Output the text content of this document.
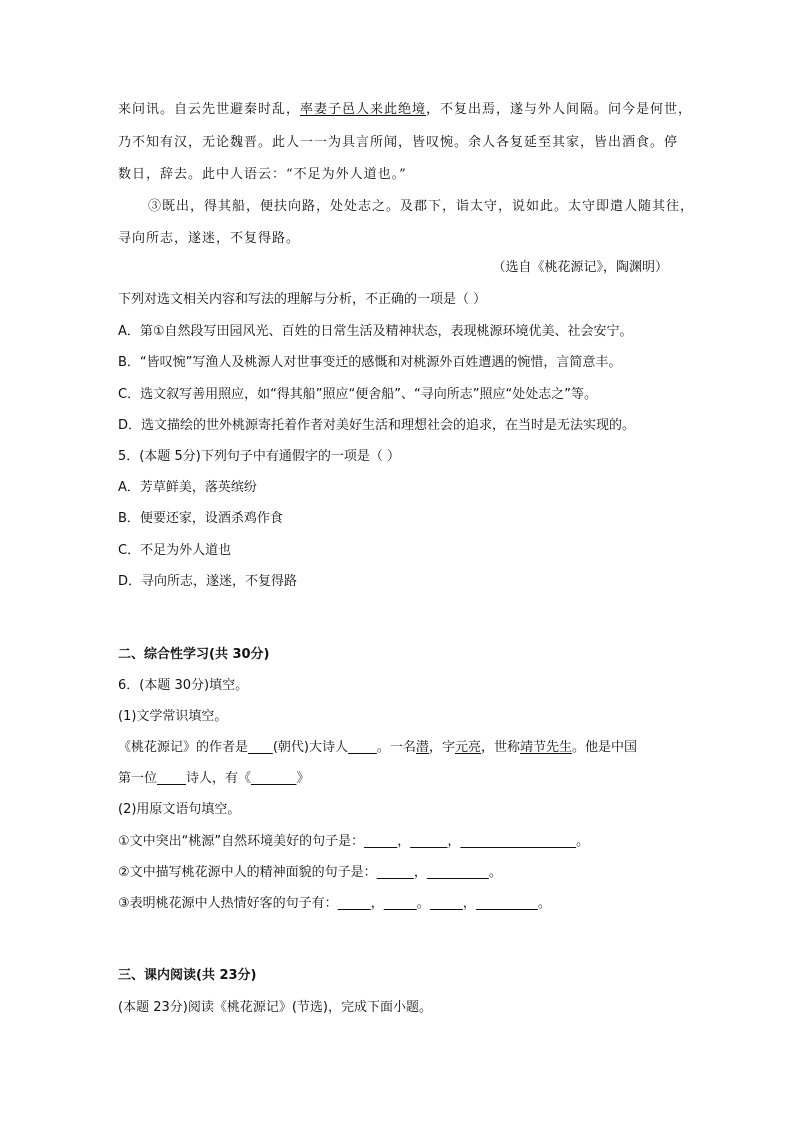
来问讯。自云先世避秦时乱，率妻子邑人来此绝境，不复出焉，遂与外人间隔。问今是何世，
乃不知有汉，无论魏晋。此人一一为具言所闻，皆叹惋。余人各复延至其家，皆出酒食。停
数日，辞去。此中人语云：“不足为外人道也。”
③既出，得其船，便扶向路，处处志之。及郡下，诣太守，说如此。太守即遣人随其往，
寻向所志，遂迷，不复得路。
（选自《桃花源记》，陶渊明）
下列对选文相关内容和写法的理解与分析，不正确的一项是（ ）
A．第①自然段写田园风光、百姓的日常生活及精神状态，表现桃源环境优美、社会安宁。
B．“皆叹惋”写渔人及桃源人对世事变迁的感慨和对桃源外百姓遭遇的惋惜，言简意丰。
C．选文叙写善用照应，如“得其船”照应“便舍船”、“寻向所志”照应“处处志之”等。
D．选文描绘的世外桃源寄托着作者对美好生活和理想社会的追求，在当时是无法实现的。
5．(本题 5分)下列句子中有通假字的一项是（ ）
A．芳草鲜美，落英缤纷
B．便要还家，设酒杀鸡作食
C．不足为外人道也
D．寻向所志，遂迷，不复得路
二、综合性学习(共 30分)
6．(本题 30分)填空。
(1)文学常识填空。
《桃花源记》的作者是 (朝代)大诗人 。一名潜，字元亮，世称靖节先生。他是中国
第一位 诗人，有《	》
(2)用原文语句填空。
①文中突出“桃源”自然环境美好的句子是：	，	，	。
②文中描写桃花源中人的精神面貌的句子是：	，	。
③表明桃花源中人热情好客的句子有：	，	。	，	。
三、课内阅读(共 23分)
(本题 23分)阅读《桃花源记》(节选)，完成下面小题。
